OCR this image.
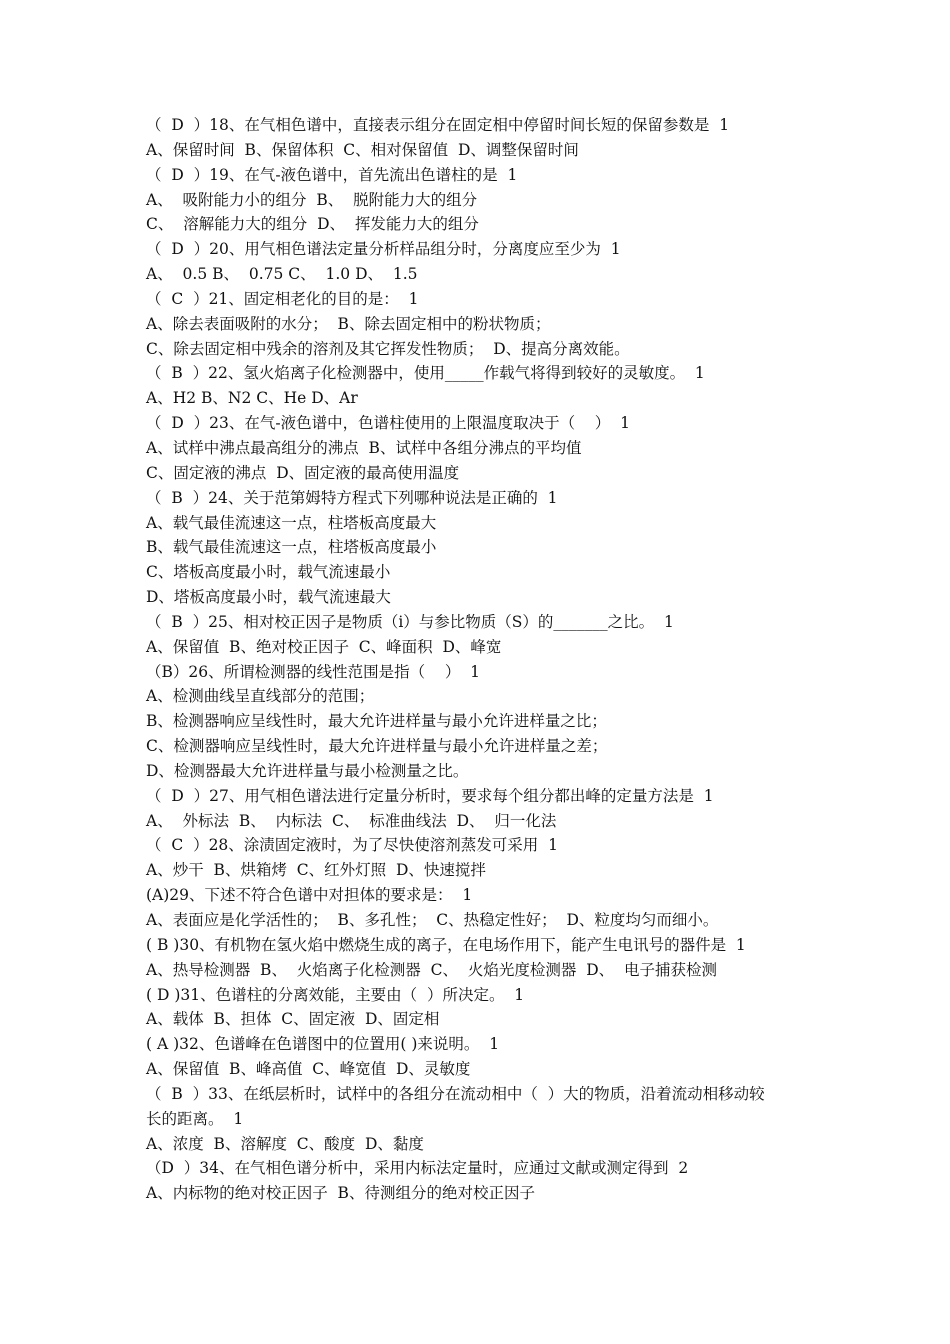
（  D  ）18、在气相色谱中，直接表示组分在固定相中停留时间长短的保留参数是  1
A、保留时间  B、保留体积  C、相对保留值  D、调整保留时间
（  D  ）19、在气-液色谱中，首先流出色谱柱的是  1
A、  吸附能力小的组分  B、  脱附能力大的组分
C、  溶解能力大的组分  D、  挥发能力大的组分
（  D  ）20、用气相色谱法定量分析样品组分时，分离度应至少为  1
A、  0.5 B、  0.75 C、  1.0 D、  1.5
（  C  ）21、固定相老化的目的是：  1
A、除去表面吸附的水分；  B、除去固定相中的粉状物质；
C、除去固定相中残余的溶剂及其它挥发性物质；  D、提高分离效能。
（  B  ）22、氢火焰离子化检测器中，使用_____作载气将得到较好的灵敏度。  1
A、H2 B、N2 C、He D、Ar
（  D  ）23、在气-液色谱中，色谱柱使用的上限温度取决于（    ）  1
A、试样中沸点最高组分的沸点  B、试样中各组分沸点的平均值
C、固定液的沸点  D、固定液的最高使用温度
（  B  ）24、关于范第姆特方程式下列哪种说法是正确的  1
A、载气最佳流速这一点，柱塔板高度最大
B、载气最佳流速这一点，柱塔板高度最小
C、塔板高度最小时，载气流速最小
D、塔板高度最小时，载气流速最大
（  B  ）25、相对校正因子是物质（i）与参比物质（S）的_______之比。  1
A、保留值  B、绝对校正因子  C、峰面积  D、峰宽
（B）26、所谓检测器的线性范围是指（    ）  1
A、检测曲线呈直线部分的范围；
B、检测器响应呈线性时，最大允许进样量与最小允许进样量之比；
C、检测器响应呈线性时，最大允许进样量与最小允许进样量之差；
D、检测器最大允许进样量与最小检测量之比。
（  D  ）27、用气相色谱法进行定量分析时，要求每个组分都出峰的定量方法是  1
A、  外标法  B、  内标法  C、  标准曲线法  D、  归一化法
（  C  ）28、涂渍固定液时，为了尽快使溶剂蒸发可采用  1
A、炒干  B、烘箱烤  C、红外灯照  D、快速搅拌
(A)29、下述不符合色谱中对担体的要求是：  1
A、表面应是化学活性的；  B、多孔性；  C、热稳定性好；  D、粒度均匀而细小。
( B )30、有机物在氢火焰中燃烧生成的离子，在电场作用下，能产生电讯号的器件是  1
A、热导检测器  B、  火焰离子化检测器  C、  火焰光度检测器  D、  电子捕获检测
( D )31、色谱柱的分离效能，主要由（  ）所决定。  1
A、载体  B、担体  C、固定液  D、固定相
( A )32、色谱峰在色谱图中的位置用( )来说明。  1
A、保留值  B、峰高值  C、峰宽值  D、灵敏度
（  B  ）33、在纸层析时，试样中的各组分在流动相中（  ）大的物质，沿着流动相移动较
长的距离。  1
A、浓度  B、溶解度  C、酸度  D、黏度
（D  ）34、在气相色谱分析中，采用内标法定量时，应通过文献或测定得到  2
A、内标物的绝对校正因子  B、待测组分的绝对校正因子
